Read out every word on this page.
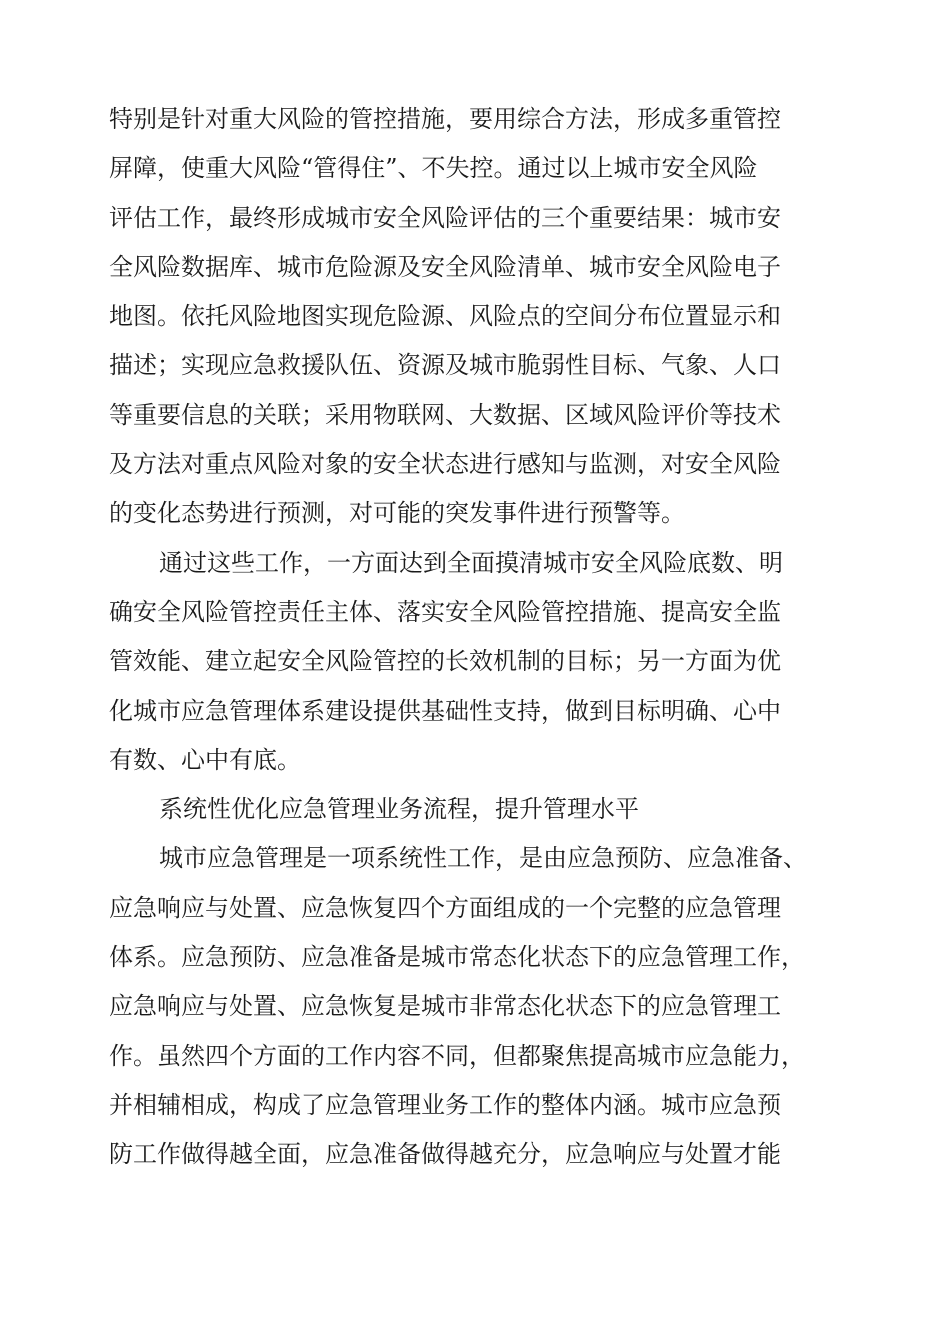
特别是针对重大风险的管控措施，要用综合方法，形成多重管控
屏障，使重大风险“管得住”、不失控。通过以上城市安全风险
评估工作，最终形成城市安全风险评估的三个重要结果：城市安
全风险数据库、城市危险源及安全风险清单、城市安全风险电子
地图。依托风险地图实现危险源、风险点的空间分布位置显示和
描述；实现应急救援队伍、资源及城市脆弱性目标、气象、人口
等重要信息的关联；采用物联网、大数据、区域风险评价等技术
及方法对重点风险对象的安全状态进行感知与监测，对安全风险
的变化态势进行预测，对可能的突发事件进行预警等。
通过这些工作，一方面达到全面摸清城市安全风险底数、明
确安全风险管控责任主体、落实安全风险管控措施、提高安全监
管效能、建立起安全风险管控的长效机制的目标；另一方面为优
化城市应急管理体系建设提供基础性支持，做到目标明确、心中
有数、心中有底。
系统性优化应急管理业务流程，提升管理水平
城市应急管理是一项系统性工作，是由应急预防、应急准备、
应急响应与处置、应急恢复四个方面组成的一个完整的应急管理
体系。应急预防、应急准备是城市常态化状态下的应急管理工作，
应急响应与处置、应急恢复是城市非常态化状态下的应急管理工
作。虽然四个方面的工作内容不同，但都聚焦提高城市应急能力，
并相辅相成，构成了应急管理业务工作的整体内涵。城市应急预
防工作做得越全面，应急准备做得越充分，应急响应与处置才能
